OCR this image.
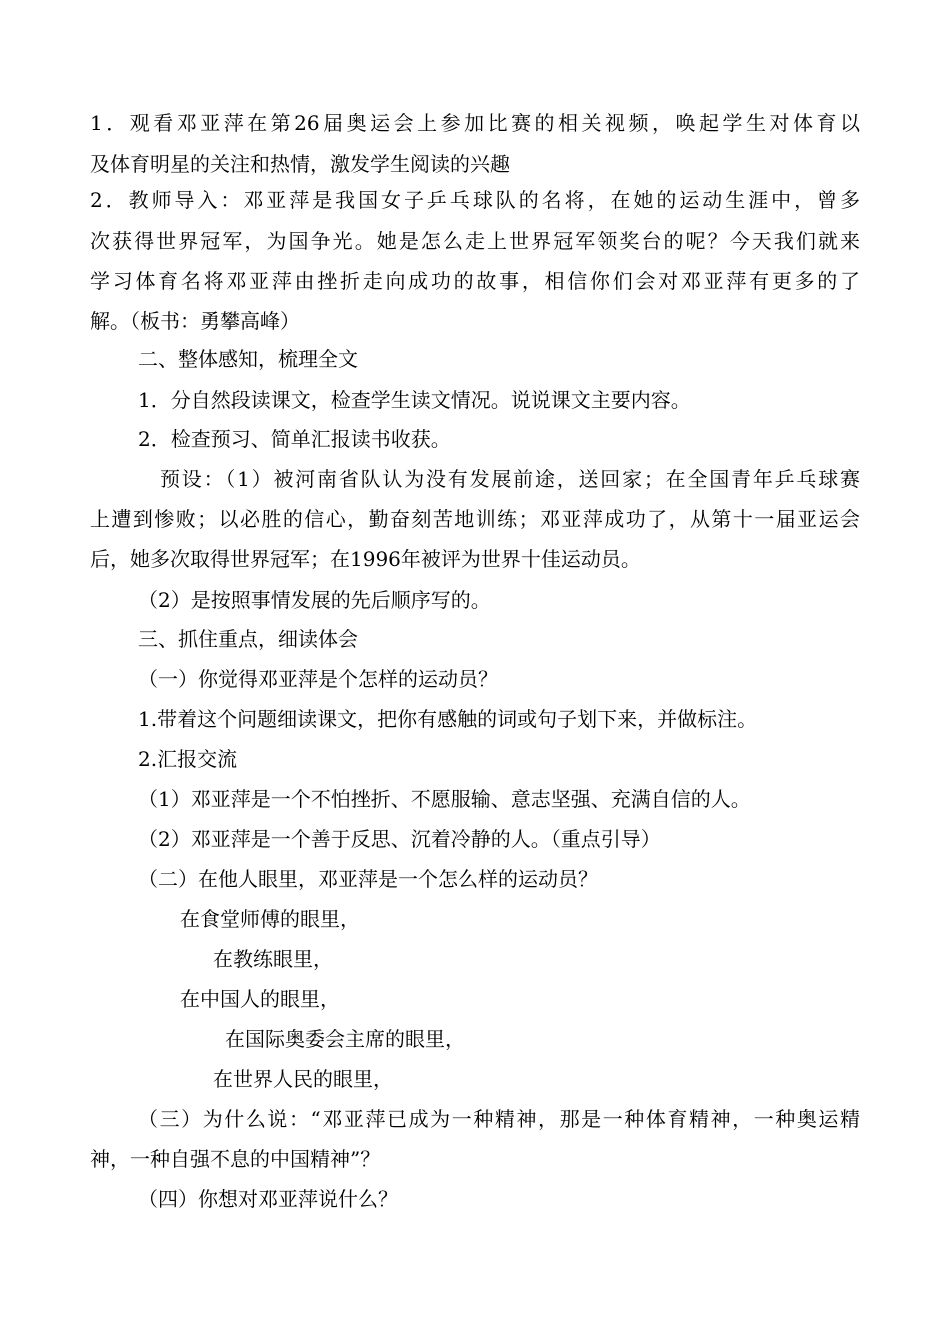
1．观看邓亚萍在第26届奥运会上参加比赛的相关视频，唤起学生对体育以
及体育明星的关注和热情，激发学生阅读的兴趣
2．教师导入：邓亚萍是我国女子乒乓球队的名将，在她的运动生涯中，曾多
次获得世界冠军，为国争光。她是怎么走上世界冠军领奖台的呢？今天我们就来
学习体育名将邓亚萍由挫折走向成功的故事，相信你们会对邓亚萍有更多的了
解。（板书：勇攀高峰）
二、整体感知，梳理全文
1．分自然段读课文，检查学生读文情况。说说课文主要内容。
2．检查预习、简单汇报读书收获。
预设：（1）被河南省队认为没有发展前途，送回家；在全国青年乒乓球赛
上遭到惨败；以必胜的信心，勤奋刻苦地训练；邓亚萍成功了，从第十一届亚运会
后，她多次取得世界冠军；在1996年被评为世界十佳运动员。
（2）是按照事情发展的先后顺序写的。
三、抓住重点，细读体会
（一）你觉得邓亚萍是个怎样的运动员？
1.带着这个问题细读课文，把你有感触的词或句子划下来，并做标注。
2.汇报交流
（1）邓亚萍是一个不怕挫折、不愿服输、意志坚强、充满自信的人。
（2）邓亚萍是一个善于反思、沉着冷静的人。（重点引导）
（二）在他人眼里，邓亚萍是一个怎么样的运动员？
在食堂师傅的眼里，
在教练眼里，
在中国人的眼里，
在国际奥委会主席的眼里，
在世界人民的眼里，
（三）为什么说：“邓亚萍已成为一种精神，那是一种体育精神，一种奥运精
神，一种自强不息的中国精神”？
（四）你想对邓亚萍说什么？
